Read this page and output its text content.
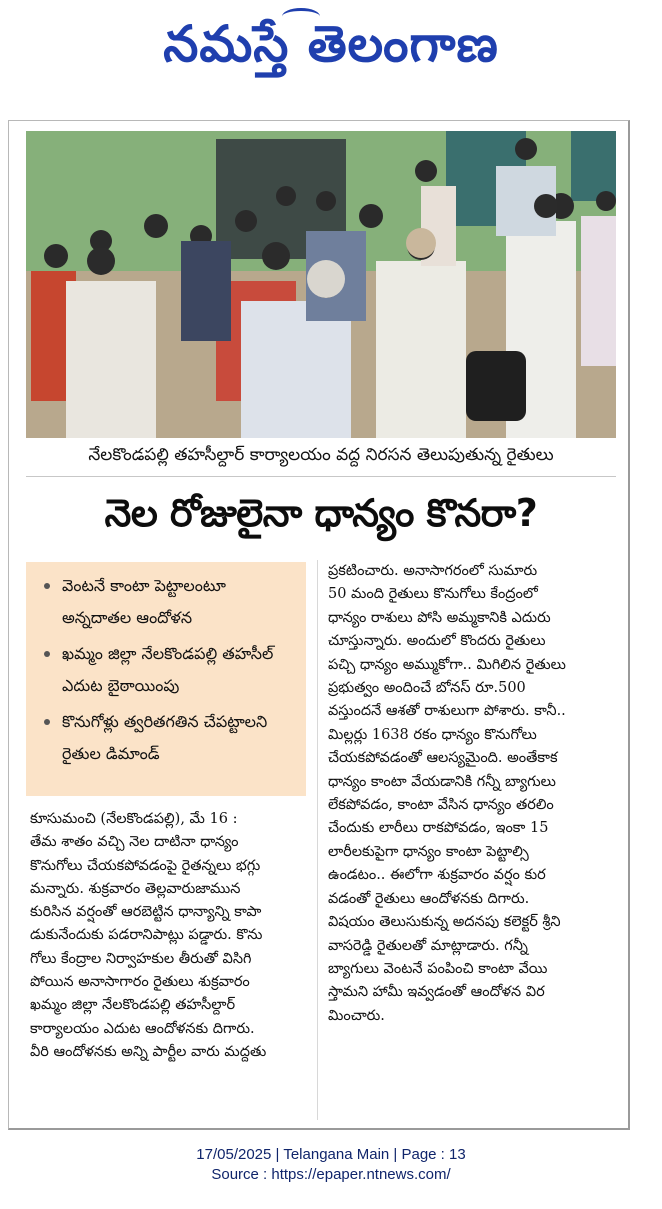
నమస్తే తెలంగాణ
నేలకొండపల్లి తహసీల్దార్ కార్యాలయం వద్ద నిరసన తెలుపుతున్న రైతులు
నెల రోజులైనా ధాన్యం కొనరా?
వెంటనే కాంటా పెట్టాలంటూ అన్నదాతల ఆందోళన
ఖమ్మం జిల్లా నేలకొండపల్లి తహసీల్ ఎదుట బైఠాయింపు
కొనుగోళ్లు త్వరితగతిన చేపట్టాలని రైతుల డిమాండ్
కూసుమంచి (నేలకొండపల్లి), మే 16 :
తేమ శాతం వచ్చి నెల దాటినా ధాన్యం
కొనుగోలు చేయకపోవడంపై రైతన్నలు భగ్గు
మన్నారు. శుక్రవారం తెల్లవారుజామున
కురిసిన వర్షంతో ఆరబెట్టిన ధాన్యాన్ని కాపా
డుకునేందుకు పడరానిపాట్లు పడ్డారు. కొను
గోలు కేంద్రాల నిర్వాహకుల తీరుతో విసిగి
పోయిన అనాసాగారం రైతులు శుక్రవారం
ఖమ్మం జిల్లా నేలకొండపల్లి తహసీల్దార్
కార్యాలయం ఎదుట ఆందోళనకు దిగారు.
వీరి ఆందోళనకు అన్ని పార్టీల వారు మద్దతు
ప్రకటించారు. అనాసాగరంలో సుమారు
50 మంది రైతులు కొనుగోలు కేంద్రంలో
ధాన్యం రాశులు పోసి అమ్మకానికి ఎదురు
చూస్తున్నారు. అందులో కొందరు రైతులు
పచ్చి ధాన్యం అమ్ముకోగా.. మిగిలిన రైతులు
ప్రభుత్వం అందించే బోనస్ రూ.500
వస్తుందనే ఆశతో రాశులుగా పోశారు. కానీ..
మిల్లర్లు 1638 రకం ధాన్యం కొనుగోలు
చేయకపోవడంతో ఆలస్యమైంది. అంతేకాక
ధాన్యం కాంటా వేయడానికి గన్నీ బ్యాగులు
లేకపోవడం, కాంటా వేసిన ధాన్యం తరలిం
చేందుకు లారీలు రాకపోవడం, ఇంకా 15
లారీలకుపైగా ధాన్యం కాంటా పెట్టాల్సి
ఉండటం.. ఈలోగా శుక్రవారం వర్షం కుర
వడంతో రైతులు ఆందోళనకు దిగారు.
విషయం తెలుసుకున్న అదనపు కలెక్టర్ శ్రీని
వాసరెడ్డి రైతులతో మాట్లాడారు. గన్నీ
బ్యాగులు వెంటనే పంపించి కాంటా వేయి
స్తామని హామీ ఇవ్వడంతో ఆందోళన విర
మించారు.
17/05/2025 | Telangana Main | Page : 13
Source : https://epaper.ntnews.com/
